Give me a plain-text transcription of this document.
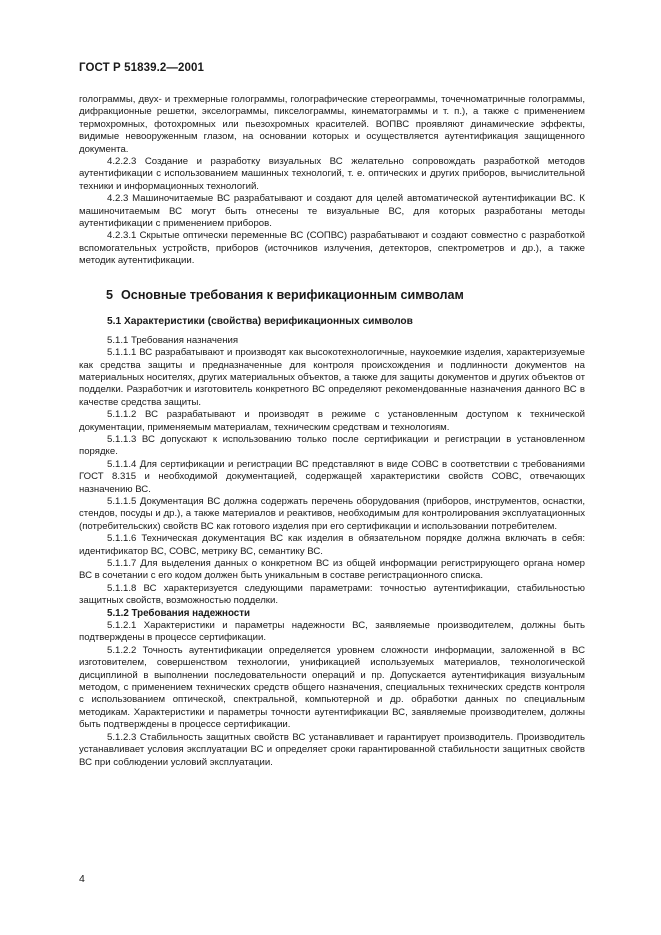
ГОСТ Р 51839.2—2001

голограммы, двух- и трехмерные голограммы, голографические стереограммы, точечноматричные голограммы, дифракционные решетки, экселограммы, пикселограммы, кинематограммы и т. п.), а также с применением термохромных, фотохромных или пьезохромных красителей. ВОПВС проявляют динамические эффекты, видимые невооруженным глазом, на основании которых и осуществляется аутентификация защищенного документа.

4.2.2.3 Создание и разработку визуальных ВС желательно сопровождать разработкой методов аутентификации с использованием машинных технологий, т. е. оптических и других приборов, вычислительной техники и информационных технологий.

4.2.3 Машиночитаемые ВС разрабатывают и создают для целей автоматической аутентификации ВС. К машиночитаемым ВС могут быть отнесены те визуальные ВС, для которых разработаны методы аутентификации с применением приборов.

4.2.3.1 Скрытые оптически переменные ВС (СОПВС) разрабатывают и создают совместно с разработкой вспомогательных устройств, приборов (источников излучения, детекторов, спектрометров и др.), а также методик аутентификации.

5 Основные требования к верификационным символам
5.1 Характеристики (свойства) верификационных символов

5.1.1 Требования назначения

5.1.1.1 ВС разрабатывают и производят как высокотехнологичные, наукоемкие изделия, характеризуемые как средства защиты и предназначенные для контроля происхождения и подлинности документов на материальных носителях, других материальных объектов, а также для защиты документов и других объектов от подделки. Разработчик и изготовитель конкретного ВС определяют рекомендованные назначения данного ВС в качестве средства защиты.

5.1.1.2 ВС разрабатывают и производят в режиме с установленным доступом к технической документации, применяемым материалам, техническим средствам и технологиям.

5.1.1.3 ВС допускают к использованию только после сертификации и регистрации в установленном порядке.

5.1.1.4 Для сертификации и регистрации ВС представляют в виде СОВС в соответствии с требованиями ГОСТ 8.315 и необходимой документацией, содержащей характеристики свойств СОВС, отвечающих назначению ВС.

5.1.1.5 Документация ВС должна содержать перечень оборудования (приборов, инструментов, оснастки, стендов, посуды и др.), а также материалов и реактивов, необходимым для контролирования эксплуатационных (потребительских) свойств ВС как готового изделия при его сертификации и использовании потребителем.

5.1.1.6 Техническая документация ВС как изделия в обязательном порядке должна включать в себя: идентификатор ВС, СОВС, метрику ВС, семантику ВС.

5.1.1.7 Для выделения данных о конкретном ВС из общей информации регистрирующего органа номер ВС в сочетании с его кодом должен быть уникальным в составе регистрационного списка.

5.1.1.8 ВС характеризуется следующими параметрами: точностью аутентификации, стабильностью защитных свойств, возможностью подделки.

5.1.2 Требования надежности

5.1.2.1 Характеристики и параметры надежности ВС, заявляемые производителем, должны быть подтверждены в процессе сертификации.

5.1.2.2 Точность аутентификации определяется уровнем сложности информации, заложенной в ВС изготовителем, совершенством технологии, унификацией используемых материалов, технологической дисциплиной в выполнении последовательности операций и пр. Допускается аутентификация визуальным методом, с применением технических средств общего назначения, специальных технических средств контроля с использованием оптической, спектральной, компьютерной и др. обработки данных по специальным методикам. Характеристики и параметры точности аутентификации ВС, заявляемые производителем, должны быть подтверждены в процессе сертификации.

5.1.2.3 Стабильность защитных свойств ВС устанавливает и гарантирует производитель. Производитель устанавливает условия эксплуатации ВС и определяет сроки гарантированной стабильности защитных свойств ВС при соблюдении условий эксплуатации.

4
